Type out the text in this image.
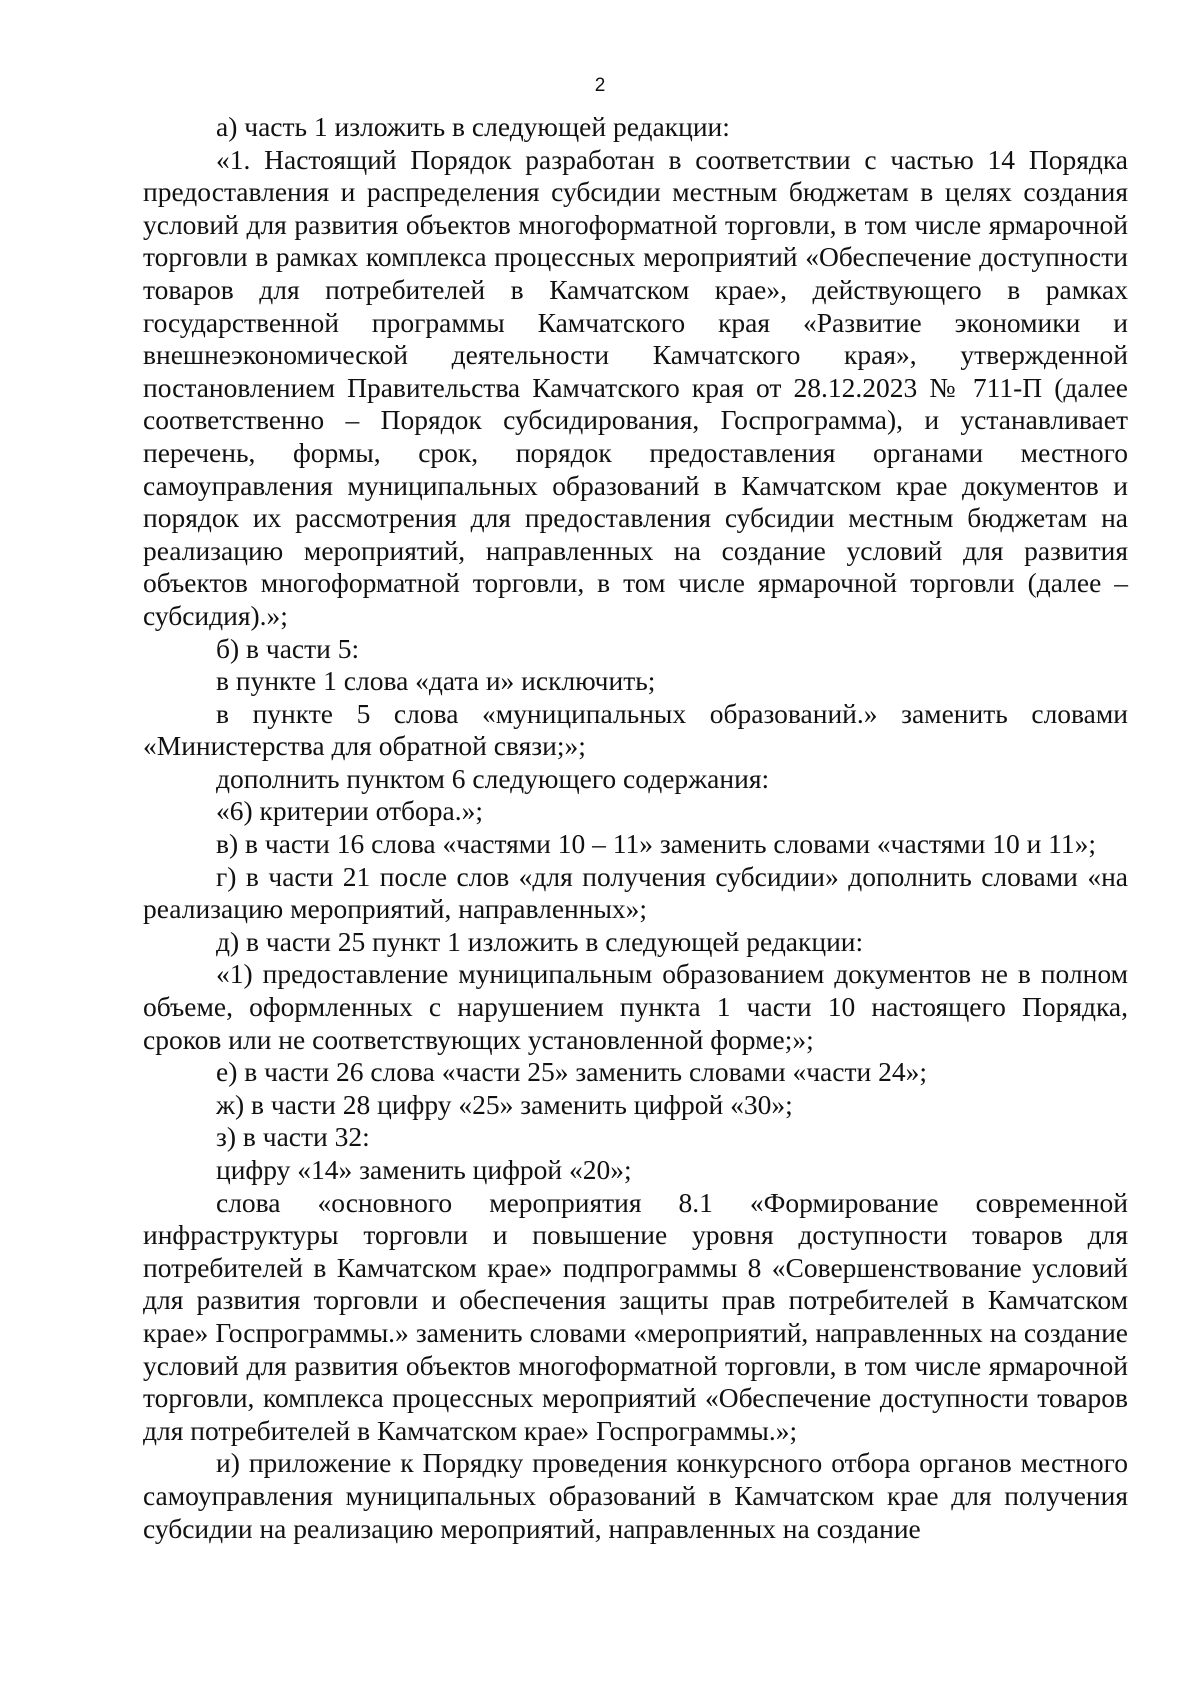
2

а) часть 1 изложить в следующей редакции:

«1. Настоящий Порядок разработан в соответствии с частью 14 Порядка предоставления и распределения субсидии местным бюджетам в целях создания условий для развития объектов многоформатной торговли, в том числе ярмарочной торговли в рамках комплекса процессных мероприятий «Обеспечение доступности товаров для потребителей в Камчатском крае», действующего в рамках государственной программы Камчатского края «Развитие экономики и внешнеэкономической деятельности Камчатского края», утвержденной постановлением Правительства Камчатского края от 28.12.2023 № 711-П (далее соответственно – Порядок субсидирования, Госпрограмма), и устанавливает перечень, формы, срок, порядок предоставления органами местного самоуправления муниципальных образований в Камчатском крае документов и порядок их рассмотрения для предоставления субсидии местным бюджетам на реализацию мероприятий, направленных на создание условий для развития объектов многоформатной торговли, в том числе ярмарочной торговли (далее – субсидия).»;

б) в части 5:

в пункте 1 слова «дата и» исключить;

в пункте 5 слова «муниципальных образований.» заменить словами «Министерства для обратной связи;»;

дополнить пунктом 6 следующего содержания:

«6) критерии отбора.»;

в) в части 16 слова «частями 10 – 11» заменить словами «частями 10 и 11»;

г) в части 21 после слов «для получения субсидии» дополнить словами «на реализацию мероприятий, направленных»;

д) в части 25 пункт 1 изложить в следующей редакции:

«1) предоставление муниципальным образованием документов не в полном объеме, оформленных с нарушением пункта 1 части 10 настоящего Порядка, сроков или не соответствующих установленной форме;»;

е) в части 26 слова «части 25» заменить словами «части 24»;

ж) в части 28 цифру «25» заменить цифрой «30»;

з) в части 32:

цифру «14» заменить цифрой «20»;

слова «основного мероприятия 8.1 «Формирование современной инфраструктуры торговли и повышение уровня доступности товаров для потребителей в Камчатском крае» подпрограммы 8 «Совершенствование условий для развития торговли и обеспечения защиты прав потребителей в Камчатском крае» Госпрограммы.» заменить словами «мероприятий, направленных на создание условий для развития объектов многоформатной торговли, в том числе ярмарочной торговли, комплекса процессных мероприятий «Обеспечение доступности товаров для потребителей в Камчатском крае» Госпрограммы.»;

и) приложение к Порядку проведения конкурсного отбора органов местного самоуправления муниципальных образований в Камчатском крае для получения субсидии на реализацию мероприятий, направленных на создание
